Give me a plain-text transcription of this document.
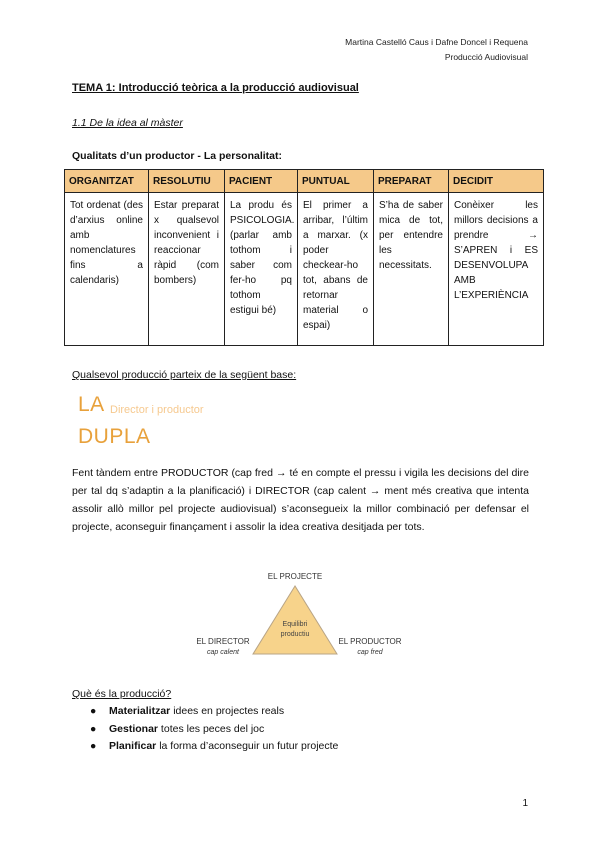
Martina Castelló Caus i Dafne Doncel i Requena
Producció Audiovisual
TEMA 1: Introducció teòrica a la producció audiovisual
1.1 De la idea al màster
Qualitats d’un productor - La personalitat:
ORGANITZAT	RESOLUTIU	PACIENT	PUNTUAL	PREPARAT	DECIDIT
Tot ordenat (des d’arxius online amb nomenclatures fins a calendaris)	Estar preparat x qualsevol inconvenient i reaccionar ràpid (com bombers)	La produ és PSICOLOGIA. (parlar amb tothom i saber com fer-ho pq tothom estigui bé)	El primer a arribar, l’últim a marxar. (x poder checkear-ho tot, abans de retornar material o espai)	S’ha de saber mica de tot, per entendre les necessitats.	Conèixer les millors decisions a prendre → S’APREN i ES DESENVOLUPA AMB L’EXPERIÈNCIA
Qualsevol producció parteix de la següent base:
LA Director i productor
DUPLA
Fent tàndem entre PRODUCTOR (cap fred → té en compte el pressu i vigila les decisions del dire per tal dq s’adaptin a la planificació) i DIRECTOR (cap calent → ment més creativa que intenta assolir allò millor pel projecte audiovisual) s’aconsegueix la millor combinació per defensar el projecte, aconseguir finançament i assolir la idea creativa desitjada per tots.
EL PROJECTE
Equilibri
productiu
EL DIRECTOR
cap calent
EL PRODUCTOR
cap fred
Què és la producció?
● Materialitzar idees en projectes reals
● Gestionar totes les peces del joc
● Planificar la forma d’aconseguir un futur projecte
1
